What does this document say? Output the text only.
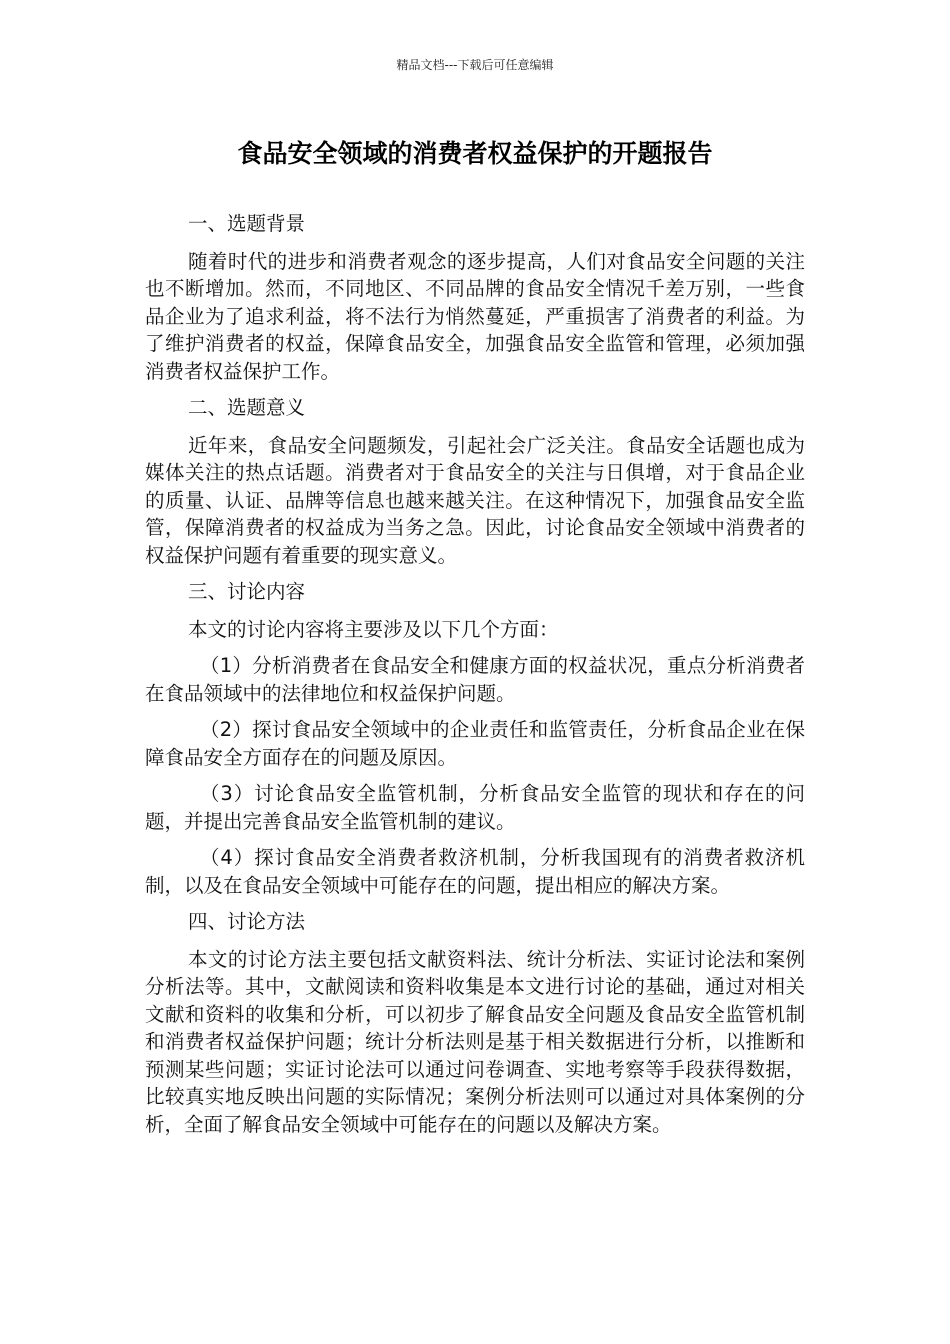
精品文档---下载后可任意编辑
食品安全领域的消费者权益保护的开题报告
一、选题背景

随着时代的进步和消费者观念的逐步提高，人们对食品安全问题的关注也不断增加。然而，不同地区、不同品牌的食品安全情况千差万别，一些食品企业为了追求利益，将不法行为悄然蔓延，严重损害了消费者的利益。为了维护消费者的权益，保障食品安全，加强食品安全监管和管理，必须加强消费者权益保护工作。

二、选题意义

近年来，食品安全问题频发，引起社会广泛关注。食品安全话题也成为媒体关注的热点话题。消费者对于食品安全的关注与日俱增，对于食品企业的质量、认证、品牌等信息也越来越关注。在这种情况下，加强食品安全监管，保障消费者的权益成为当务之急。因此，讨论食品安全领域中消费者的权益保护问题有着重要的现实意义。

三、讨论内容

本文的讨论内容将主要涉及以下几个方面：

（1）分析消费者在食品安全和健康方面的权益状况，重点分析消费者在食品领域中的法律地位和权益保护问题。

（2）探讨食品安全领域中的企业责任和监管责任，分析食品企业在保障食品安全方面存在的问题及原因。

（3）讨论食品安全监管机制，分析食品安全监管的现状和存在的问题，并提出完善食品安全监管机制的建议。

（4）探讨食品安全消费者救济机制，分析我国现有的消费者救济机制，以及在食品安全领域中可能存在的问题，提出相应的解决方案。

四、讨论方法

本文的讨论方法主要包括文献资料法、统计分析法、实证讨论法和案例分析法等。其中，文献阅读和资料收集是本文进行讨论的基础，通过对相关文献和资料的收集和分析，可以初步了解食品安全问题及食品安全监管机制和消费者权益保护问题；统计分析法则是基于相关数据进行分析，以推断和预测某些问题；实证讨论法可以通过问卷调查、实地考察等手段获得数据，比较真实地反映出问题的实际情况；案例分析法则可以通过对具体案例的分析，全面了解食品安全领域中可能存在的问题以及解决方案。
